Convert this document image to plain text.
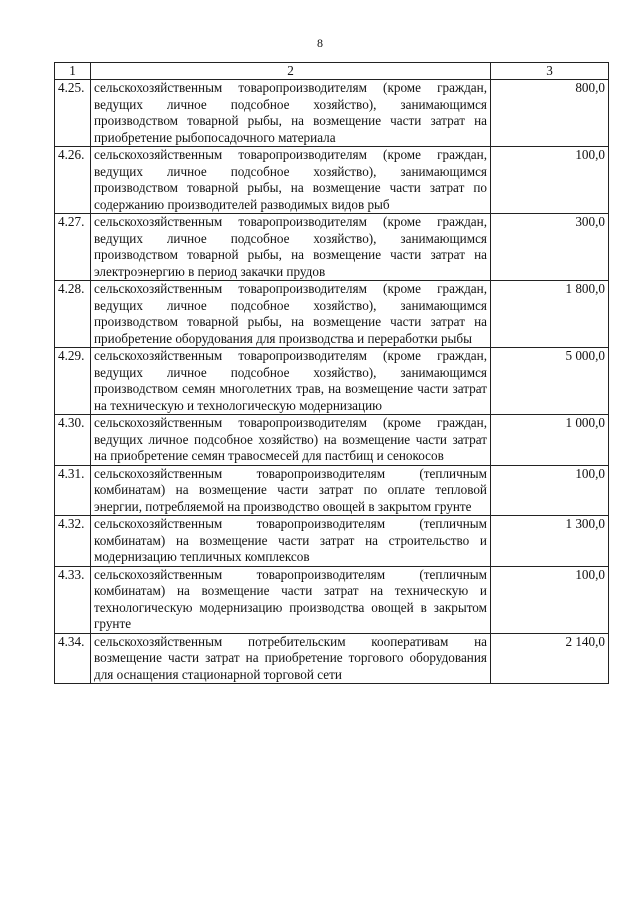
8
1	2	3
4.25.	сельскохозяйственным товаропроизводителям (кроме граждан, ведущих личное подсобное хозяйство), занимающимся производством товарной рыбы, на возмещение части затрат на приобретение рыбопосадочного материала	800,0
4.26.	сельскохозяйственным товаропроизводителям (кроме граждан, ведущих личное подсобное хозяйство), занимающимся производством товарной рыбы, на возмещение части затрат по содержанию производителей разводимых видов рыб	100,0
4.27.	сельскохозяйственным товаропроизводителям (кроме граждан, ведущих личное подсобное хозяйство), занимающимся производством товарной рыбы, на возмещение части затрат на электроэнергию в период закачки прудов	300,0
4.28.	сельскохозяйственным товаропроизводителям (кроме граждан, ведущих личное подсобное хозяйство), занимающимся производством товарной рыбы, на возмещение части затрат на приобретение оборудования для производства и переработки рыбы	1 800,0
4.29.	сельскохозяйственным товаропроизводителям (кроме граждан, ведущих личное подсобное хозяйство), занимающимся производством семян многолетних трав, на возмещение части затрат на техническую и технологическую модернизацию	5 000,0
4.30.	сельскохозяйственным товаропроизводителям (кроме граждан, ведущих личное подсобное хозяйство) на возмещение части затрат на приобретение семян травосмесей для пастбищ и сенокосов	1 000,0
4.31.	сельскохозяйственным товаропроизводителям (тепличным комбинатам) на возмещение части затрат по оплате тепловой энергии, потребляемой на производство овощей в закрытом грунте	100,0
4.32.	сельскохозяйственным товаропроизводителям (тепличным комбинатам) на возмещение части затрат на строительство и модернизацию тепличных комплексов	1 300,0
4.33.	сельскохозяйственным товаропроизводителям (тепличным комбинатам) на возмещение части затрат на техническую и технологическую модернизацию производства овощей в закрытом грунте	100,0
4.34.	сельскохозяйственным потребительским кооперативам на возмещение части затрат на приобретение торгового оборудования для оснащения стационарной торговой сети	2 140,0
